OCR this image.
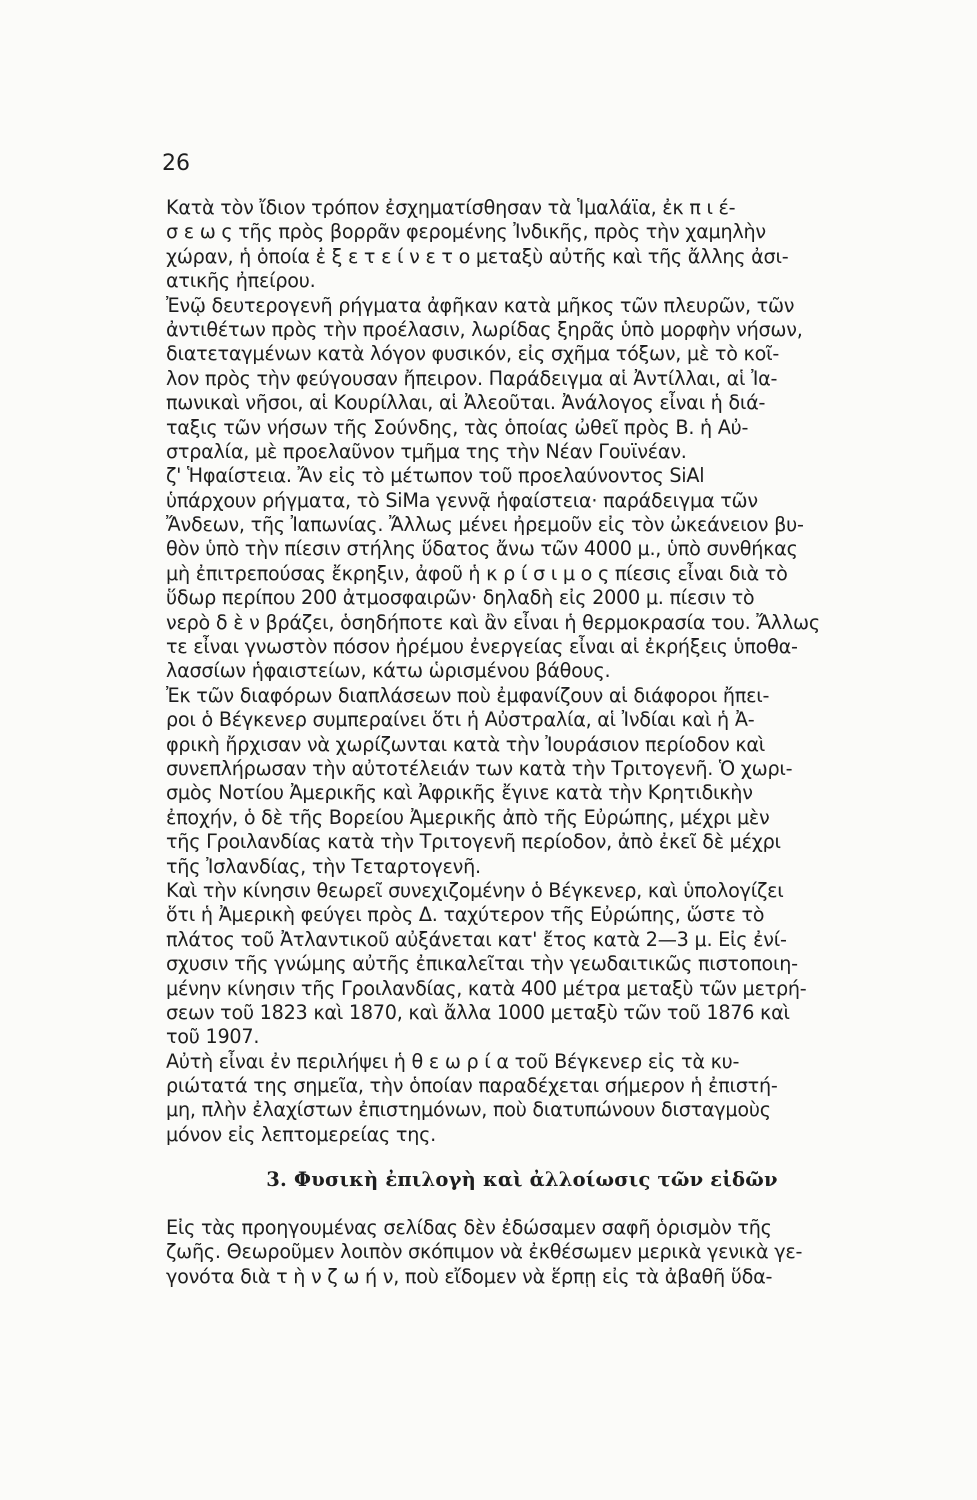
26
Κατὰ τὸν ἴδιον τρόπον ἐσχηματίσθησαν τὰ Ἱμαλάϊα, ἐκ π ι έ-
σ ε ω ς τῆς πρὸς βορρᾶν φερομένης Ἰνδικῆς, πρὸς τὴν χαμηλὴν
χώραν, ἡ ὁποία ἐ ξ ε τ ε ί ν ε τ ο μεταξὺ αὐτῆς καὶ τῆς ἄλλης ἀσι-
ατικῆς ἠπείρου.
Ἐνῷ δευτερογενῆ ρήγματα ἀφῆκαν κατὰ μῆκος τῶν πλευρῶν, τῶν
ἀντιθέτων πρὸς τὴν προέλασιν, λωρίδας ξηρᾶς ὑπὸ μορφὴν νήσων,
διατεταγμένων κατὰ λόγον φυσικόν, εἰς σχῆμα τόξων, μὲ τὸ κοῖ-
λον πρὸς τὴν φεύγουσαν ἤπειρον. Παράδειγμα αἱ Ἀντίλλαι, αἱ Ἰα-
πωνικαὶ νῆσοι, αἱ Κουρίλλαι, αἱ Ἀλεοῦται. Ἀνάλογος εἶναι ἡ διά-
ταξις τῶν νήσων τῆς Σούνδης, τὰς ὁποίας ὠθεῖ πρὸς Β. ἡ Αὐ-
στραλία, μὲ προελαῦνον τμῆμα της τὴν Νέαν Γουϊνέαν.
ζ' Ἡφαίστεια. Ἄν εἰς τὸ μέτωπον τοῦ προελαύνοντος SiAl
ὑπάρχουν ρήγματα, τὸ SiMa γεννᾷ ἡφαίστεια· παράδειγμα τῶν
Ἄνδεων, τῆς Ἰαπωνίας. Ἄλλως μένει ἠρεμοῦν εἰς τὸν ὠκεάνειον βυ-
θὸν ὑπὸ τὴν πίεσιν στήλης ὕδατος ἄνω τῶν 4000 μ., ὑπὸ συνθήκας
μὴ ἐπιτρεπούσας ἔκρηξιν, ἀφοῦ ἡ κ ρ ί σ ι μ ο ς πίεσις εἶναι διὰ τὸ
ὕδωρ περίπου 200 ἀτμοσφαιρῶν· δηλαδὴ εἰς 2000 μ. πίεσιν τὸ
νερὸ δ ὲ ν βράζει, ὁσηδήποτε καὶ ἂν εἶναι ἡ θερμοκρασία του. Ἄλλως
τε εἶναι γνωστὸν πόσον ἠρέμου ἐνεργείας εἶναι αἱ ἐκρήξεις ὑποθα-
λασσίων ἡφαιστείων, κάτω ὡρισμένου βάθους.
Ἐκ τῶν διαφόρων διαπλάσεων ποὺ ἐμφανίζουν αἱ διάφοροι ἤπει-
ροι ὁ Βέγκενερ συμπεραίνει ὅτι ἡ Αὐστραλία, αἱ Ἰνδίαι καὶ ἡ Ἀ-
φρικὴ ἤρχισαν νὰ χωρίζωνται κατὰ τὴν Ἰουράσιον περίοδον καὶ
συνεπλήρωσαν τὴν αὐτοτέλειάν των κατὰ τὴν Τριτογενῆ. Ὁ χωρι-
σμὸς Νοτίου Ἀμερικῆς καὶ Ἀφρικῆς ἔγινε κατὰ τὴν Κρητιδικὴν
ἐποχήν, ὁ δὲ τῆς Βορείου Ἀμερικῆς ἀπὸ τῆς Εὐρώπης, μέχρι μὲν
τῆς Γροιλανδίας κατὰ τὴν Τριτογενῆ περίοδον, ἀπὸ ἐκεῖ δὲ μέχρι
τῆς Ἰσλανδίας, τὴν Τεταρτογενῆ.
Καὶ τὴν κίνησιν θεωρεῖ συνεχιζομένην ὁ Βέγκενερ, καὶ ὑπολογίζει
ὅτι ἡ Ἀμερικὴ φεύγει πρὸς Δ. ταχύτερον τῆς Εὐρώπης, ὥστε τὸ
πλάτος τοῦ Ἀτλαντικοῦ αὐξάνεται κατ' ἔτος κατὰ 2—3 μ. Εἰς ἐνί-
σχυσιν τῆς γνώμης αὐτῆς ἐπικαλεῖται τὴν γεωδαιτικῶς πιστοποιη-
μένην κίνησιν τῆς Γροιλανδίας, κατὰ 400 μέτρα μεταξὺ τῶν μετρή-
σεων τοῦ 1823 καὶ 1870, καὶ ἄλλα 1000 μεταξὺ τῶν τοῦ 1876 καὶ
τοῦ 1907.
Αὐτὴ εἶναι ἐν περιλήψει ἡ θ ε ω ρ ί α τοῦ Βέγκενερ εἰς τὰ κυ-
ριώτατά της σημεῖα, τὴν ὁποίαν παραδέχεται σήμερον ἡ ἐπιστή-
μη, πλὴν ἐλαχίστων ἐπιστημόνων, ποὺ διατυπώνουν δισταγμοὺς
μόνον εἰς λεπτομερείας της.
3. Φυσικὴ ἐπιλογὴ καὶ ἀλλοίωσις τῶν εἰδῶν
Εἰς τὰς προηγουμένας σελίδας δὲν ἐδώσαμεν σαφῆ ὁρισμὸν τῆς
ζωῆς. Θεωροῦμεν λοιπὸν σκόπιμον νὰ ἐκθέσωμεν μερικὰ γενικὰ γε-
γονότα διὰ τ ὴ ν ζ ω ή ν, ποὺ εἴδομεν νὰ ἕρπῃ εἰς τὰ ἀβαθῆ ὕδα-
